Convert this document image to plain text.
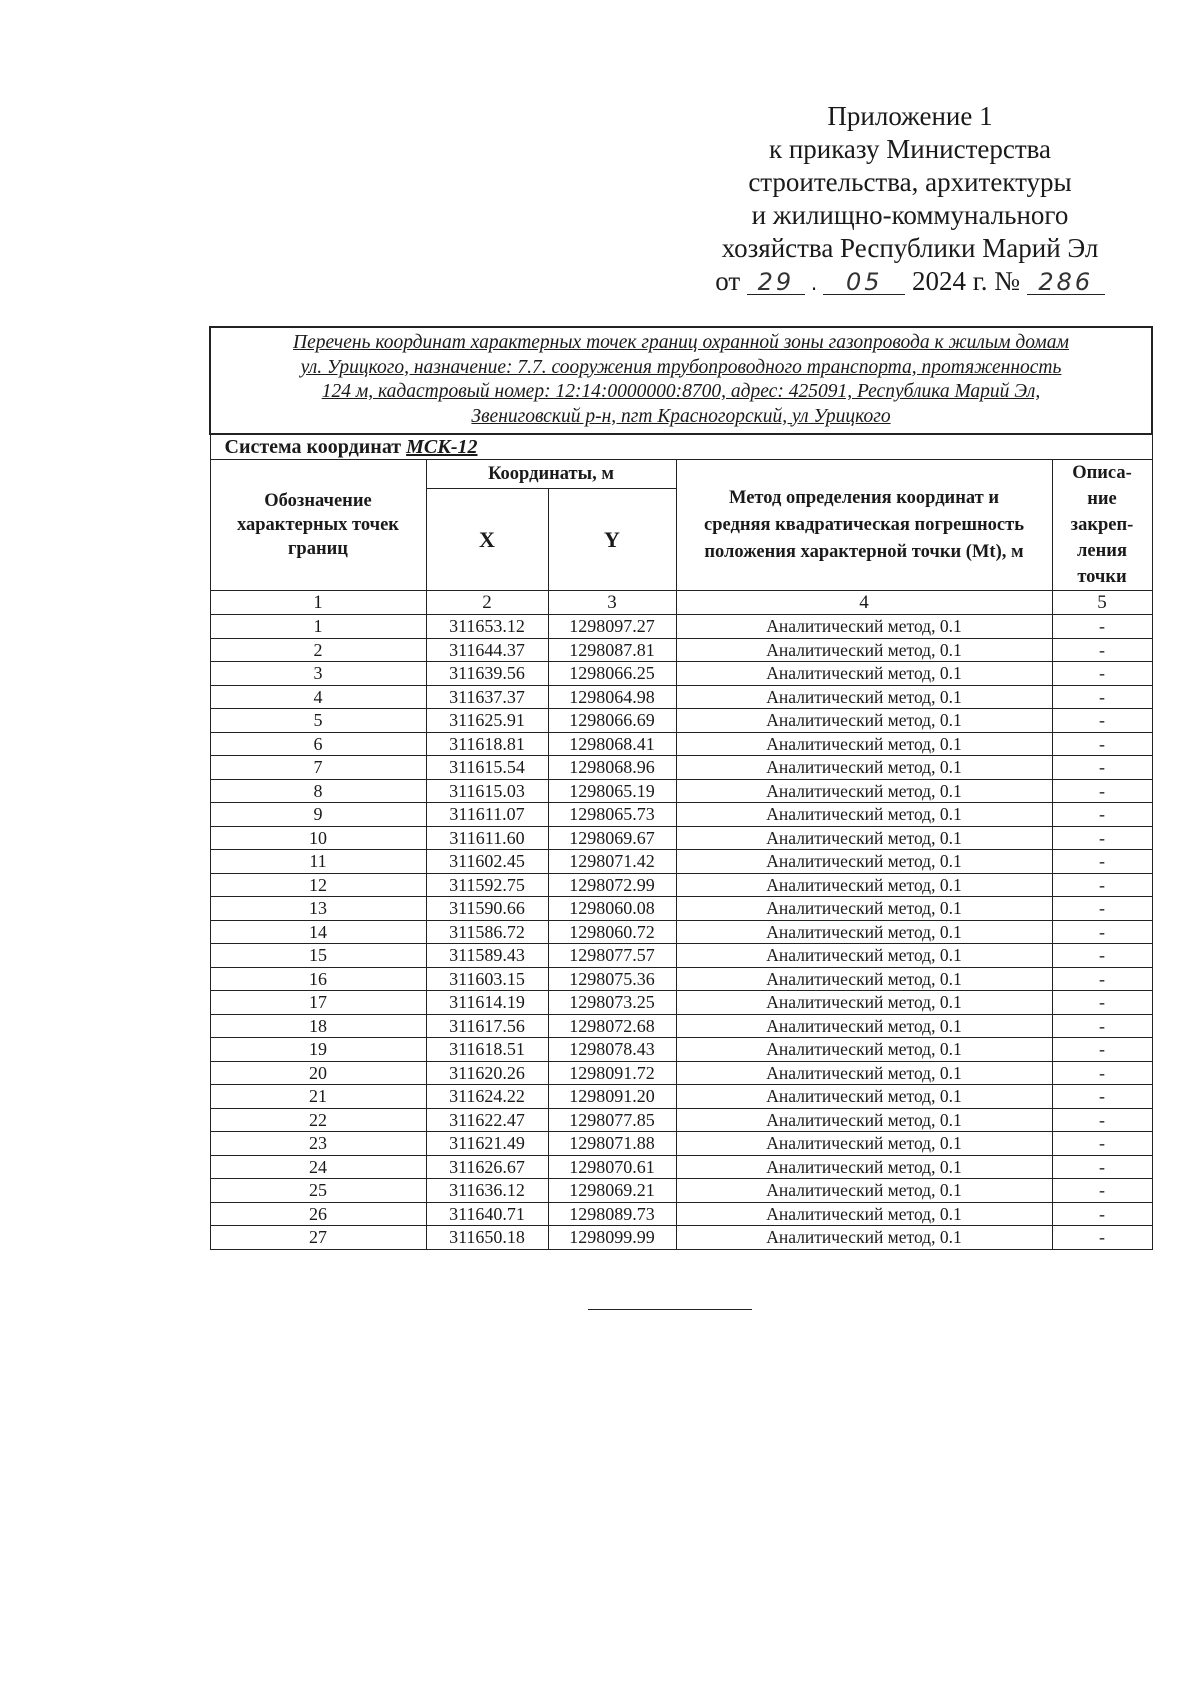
Приложение 1
к приказу Министерства
строительства, архитектуры
и жилищно-коммунального
хозяйства Республики Марий Эл
от 29 . 05 2024 г. № 286
Перечень координат характерных точек границ охранной зоны газопровода к жилым домам
ул. Урицкого, назначение: 7.7. сооружения трубопроводного транспорта, протяженность
124 м, кадастровый номер: 12:14:0000000:8700, адрес: 425091, Республика Марий Эл,
Звениговский р-н, пгт Красногорский, ул Урицкого				
Система координат МСК-12				
Обозначение характерных точек границ	Координаты, м		Метод определения координат и средняя квадратическая погрешность положения характерной точки (Mt), м	Описа-ние закреп-ления точки
	X	Y		
1	2	3	4	5
1	311653.12	1298097.27	Аналитический метод, 0.1	-
2	311644.37	1298087.81	Аналитический метод, 0.1	-
3	311639.56	1298066.25	Аналитический метод, 0.1	-
4	311637.37	1298064.98	Аналитический метод, 0.1	-
5	311625.91	1298066.69	Аналитический метод, 0.1	-
6	311618.81	1298068.41	Аналитический метод, 0.1	-
7	311615.54	1298068.96	Аналитический метод, 0.1	-
8	311615.03	1298065.19	Аналитический метод, 0.1	-
9	311611.07	1298065.73	Аналитический метод, 0.1	-
10	311611.60	1298069.67	Аналитический метод, 0.1	-
11	311602.45	1298071.42	Аналитический метод, 0.1	-
12	311592.75	1298072.99	Аналитический метод, 0.1	-
13	311590.66	1298060.08	Аналитический метод, 0.1	-
14	311586.72	1298060.72	Аналитический метод, 0.1	-
15	311589.43	1298077.57	Аналитический метод, 0.1	-
16	311603.15	1298075.36	Аналитический метод, 0.1	-
17	311614.19	1298073.25	Аналитический метод, 0.1	-
18	311617.56	1298072.68	Аналитический метод, 0.1	-
19	311618.51	1298078.43	Аналитический метод, 0.1	-
20	311620.26	1298091.72	Аналитический метод, 0.1	-
21	311624.22	1298091.20	Аналитический метод, 0.1	-
22	311622.47	1298077.85	Аналитический метод, 0.1	-
23	311621.49	1298071.88	Аналитический метод, 0.1	-
24	311626.67	1298070.61	Аналитический метод, 0.1	-
25	311636.12	1298069.21	Аналитический метод, 0.1	-
26	311640.71	1298089.73	Аналитический метод, 0.1	-
27	311650.18	1298099.99	Аналитический метод, 0.1	-
